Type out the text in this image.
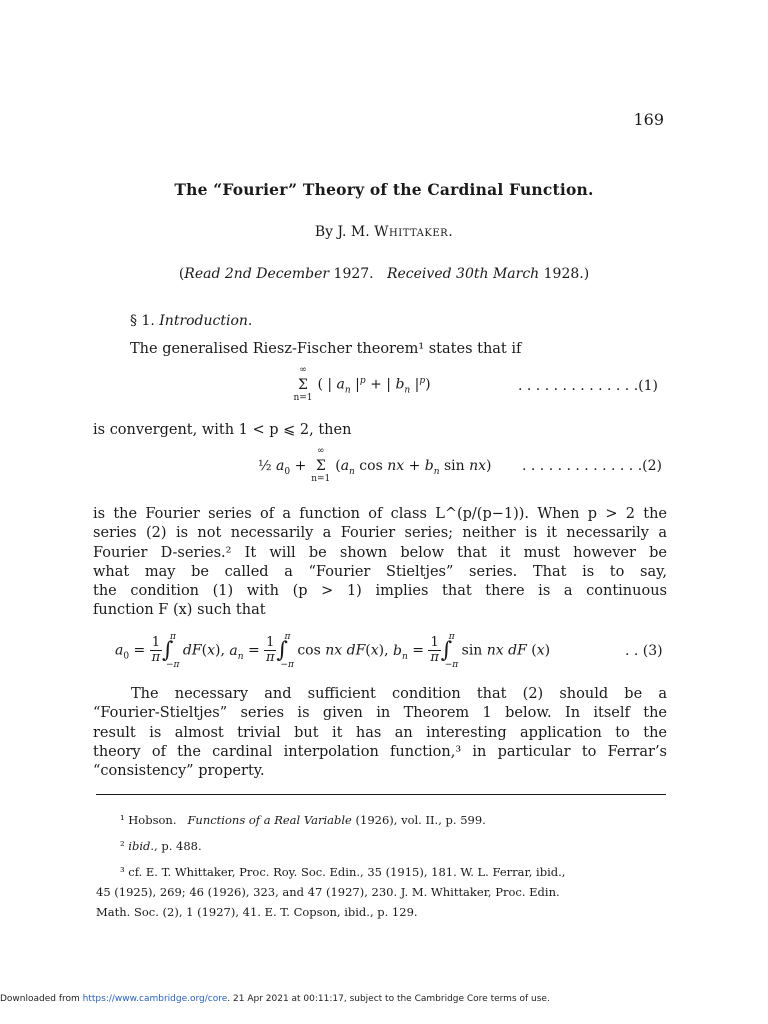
169
The “Fourier” Theory of the Cardinal Function.
By J. M. Whittaker.
(Read 2nd December 1927. Received 30th March 1928.)
§ 1. Introduction.
The generalised Riesz-Fischer theorem¹ states that if
∞
Σ
n=1
( | $a_n$ $|^p$ + | $b_n$ $|^p$)	. . . . . . . . . . . . . .(1)
is convergent, with 1 < p ⩽ 2, then
½ $a_0$ +
∞
Σ
n=1
($a_n$ cos nx + $b_n$ sin nx) . . . . . . . . . . . . . .(2)
is the Fourier series of a function of class L^(p/(p−1)). When p > 2 the
series (2) is not necessarily a Fourier series; neither is it necessarily a
Fourier D-series.² It will be shown below that it must however be
what may be called a “Fourier Stieltjes” series. That is to say,
the condition (1) with (p > 1) implies that there is a continuous
function F (x) such that
$a_0 = \frac{1}{\pi}$ ∫
π
−π
dF(x), $a_n = \frac{1}{\pi}$ ∫
π
−π
cos nx dF(x), $b_n = \frac{1}{\pi}$ ∫
π
−π
sin nx dF (x)	. . (3)
The necessary and sufficient condition that (2) should be a
“Fourier-Stieltjes” series is given in Theorem 1 below. In itself the
result is almost trivial but it has an interesting application to the
theory of the cardinal interpolation function,³ in particular to Ferrar’s
“consistency” property.
¹ Hobson. Functions of a Real Variable (1926), vol. II., p. 599.
² ibid., p. 488.
³ cf. E. T. Whittaker, Proc. Roy. Soc. Edin., 35 (1915), 181. W. L. Ferrar, ibid.,
45 (1925), 269; 46 (1926), 323, and 47 (1927), 230. J. M. Whittaker, Proc. Edin.
Math. Soc. (2), 1 (1927), 41. E. T. Copson, ibid., p. 129.
Downloaded from https://www.cambridge.org/core. 21 Apr 2021 at 00:11:17, subject to the Cambridge Core terms of use.
